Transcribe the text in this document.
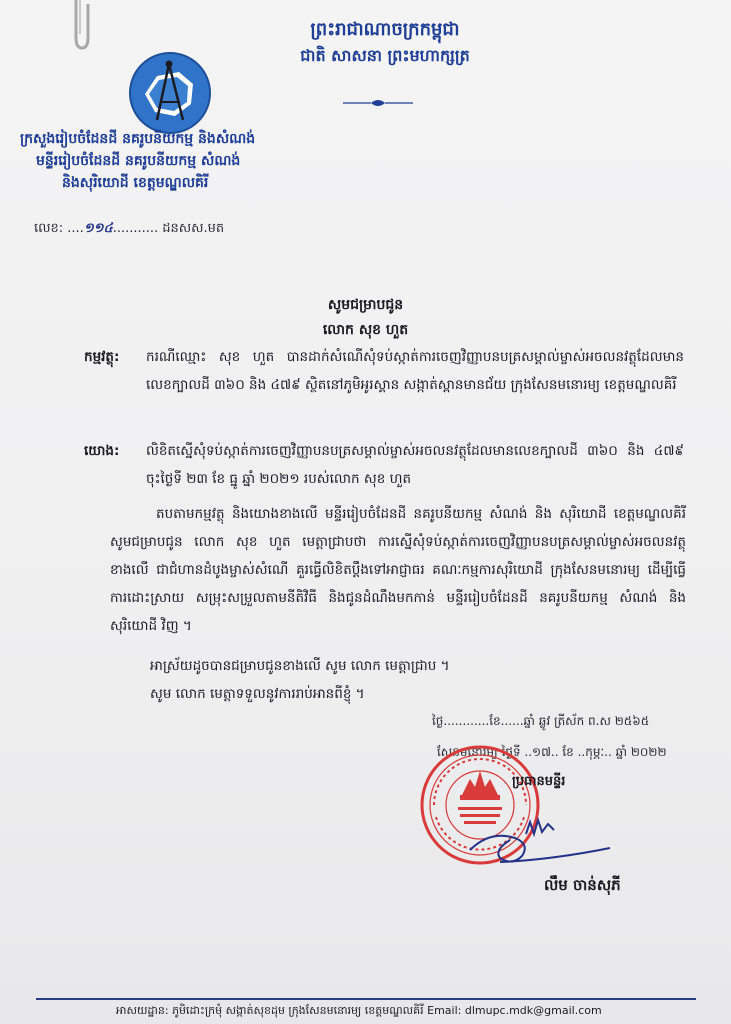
ព្រះរាជាណាចក្រកម្ពុជា
ជាតិ សាសនា ព្រះមហាក្សត្រ
ក្រសួងរៀបចំដែនដី នគរូបនីយកម្ម និងសំណង់
មន្ទីររៀបចំដែនដី នគរូបនីយកម្ម សំណង់
និងសុរិយោដី ខេត្តមណ្ឌលគិរី
លេខ: ....១១៤........... ដនសស.មត
សូមជម្រាបជូន
លោក សុខ ហួត
កម្មវត្ថុ: ករណីឈ្មោះ សុខ ហួត បានដាក់សំណើសុំទប់ស្កាត់ការចេញវិញ្ញាបនបត្រសម្គាល់ម្ចាស់អចលនវត្ថុដែលមានលេខក្បាលដី ៣៦០ និង ៤៧៩ ស្ថិតនៅភូមិអូរស្គាន សង្កាត់ស្ពានមានជ័យ ក្រុងសែនមនោរម្យ ខេត្តមណ្ឌលគិរី
យោង: លិខិតស្នើសុំទប់ស្កាត់ការចេញវិញ្ញាបនបត្រសម្គាល់ម្ចាស់អចលនវត្ថុដែលមានលេខក្បាលដី ៣៦០ និង ៤៧៩ ចុះថ្ងៃទី ២៣ ខែ ធ្នូ ឆ្នាំ ២០២១ របស់លោក សុខ ហួត
តបតាមកម្មវត្ថុ និងយោងខាងលើ មន្ទីររៀបចំដែនដី នគរូបនីយកម្ម សំណង់ និង សុរិយោដី ខេត្តមណ្ឌលគិរី សូមជម្រាបជូន លោក សុខ ហួត មេត្តាជ្រាបថា ការស្នើសុំទប់ស្កាត់ការចេញវិញ្ញាបនបត្រសម្គាល់ម្ចាស់អចលនវត្ថុខាងលើ ជាជំហានដំបូងម្ចាស់សំណើ គួរធ្វើលិខិតប្តឹងទៅអាជ្ញាធរ គណៈកម្មការសុរិយោដី ក្រុងសែនមនោរម្យ ដើម្បីធ្វើការដោះស្រាយ សម្រុះសម្រួលតាមនីតិវិធី និងជូនដំណឹងមកកាន់ មន្ទីររៀបចំដែនដី នគរូបនីយកម្ម សំណង់ និងសុរិយោដី វិញ ។
អាស្រ័យដូចបានជម្រាបជូនខាងលើ សូម លោក មេត្តាជ្រាប ។
សូម លោក មេត្តាទទួលនូវការរាប់អានពីខ្ញុំ ។
ថ្ងៃ............ខែ......ឆ្នាំ ឆ្លូវ ត្រីស័ក ព.ស ២៥៦៥
សែនមនោរម្យ ថ្ងៃទី ..១៧.. ខែ ..កុម្ភៈ.. ឆ្នាំ ២០២២
ប្រធានមន្ទីរ
លឹម ចាន់សុភី
អាសយដ្ឋាន: ភូមិដោះក្រមុំ សង្កាត់សុខដុម ក្រុងសែនមនោរម្យ ខេត្តមណ្ឌលគិរី Email: dlmupc.mdk@gmail.com
